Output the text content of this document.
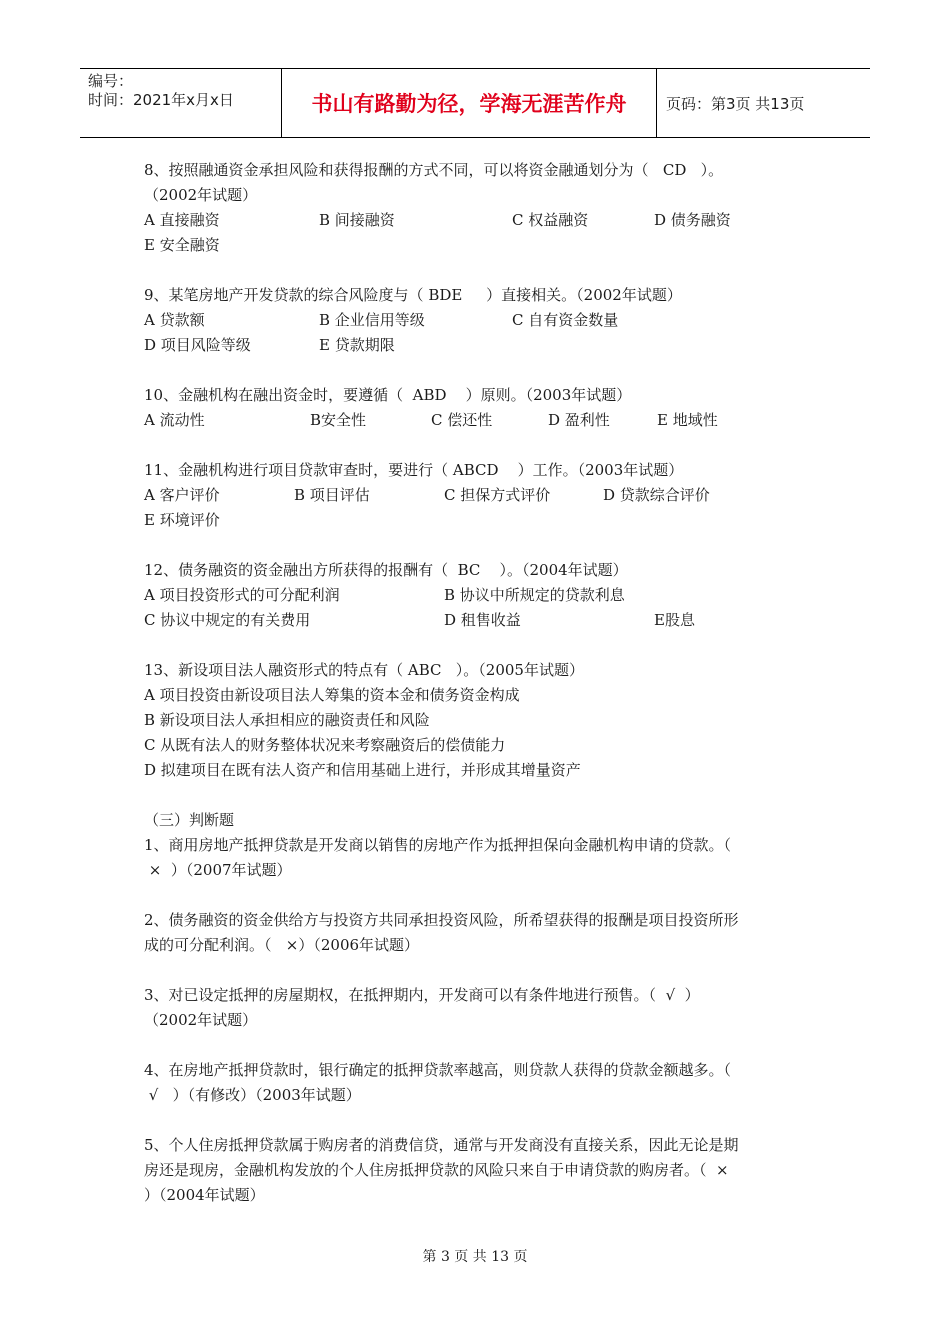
编号：
时间：2021年x月x日	书山有路勤为径，学海无涯苦作舟	页码：第3页 共13页
8、按照融通资金承担风险和获得报酬的方式不同，可以将资金融通划分为（   CD   ）。
（2002年试题）
A 直接融资	B 间接融资	C 权益融资	D 债务融资
E 安全融资
9、某笔房地产开发贷款的综合风险度与（ BDE     ）直接相关。（2002年试题）
A 贷款额	B 企业信用等级	C 自有资金数量
D 项目风险等级	E 贷款期限
10、金融机构在融出资金时，要遵循（  ABD    ）原则。（2003年试题）
A 流动性	B安全性	C 偿还性	D 盈利性	E 地域性
11、金融机构进行项目贷款审查时，要进行（ ABCD    ）工作。（2003年试题）
A 客户评价	B 项目评估	C 担保方式评价	D 贷款综合评价
E 环境评价
12、债务融资的资金融出方所获得的报酬有（  BC    ）。（2004年试题）
A 项目投资形式的可分配利润	B 协议中所规定的贷款利息
C 协议中规定的有关费用	D 租售收益	E股息
13、新设项目法人融资形式的特点有（ ABC   ）。（2005年试题）
A 项目投资由新设项目法人筹集的资本金和债务资金构成
B 新设项目法人承担相应的融资责任和风险
C 从既有法人的财务整体状况来考察融资后的偿债能力
D 拟建项目在既有法人资产和信用基础上进行，并形成其增量资产
（三）判断题
1、商用房地产抵押贷款是开发商以销售的房地产作为抵押担保向金融机构申请的贷款。（
×  ）（2007年试题）
2、债务融资的资金供给方与投资方共同承担投资风险，所希望获得的报酬是项目投资所形
成的可分配利润。（   ×）（2006年试题）
3、对已设定抵押的房屋期权，在抵押期内，开发商可以有条件地进行预售。（  √  ）
（2002年试题）
4、在房地产抵押贷款时，银行确定的抵押贷款率越高，则贷款人获得的贷款金额越多。（
√   ）（有修改）（2003年试题）
5、个人住房抵押贷款属于购房者的消费信贷，通常与开发商没有直接关系，因此无论是期
房还是现房，金融机构发放的个人住房抵押贷款的风险只来自于申请贷款的购房者。（  ×
）（2004年试题）
第 3 页 共 13 页
